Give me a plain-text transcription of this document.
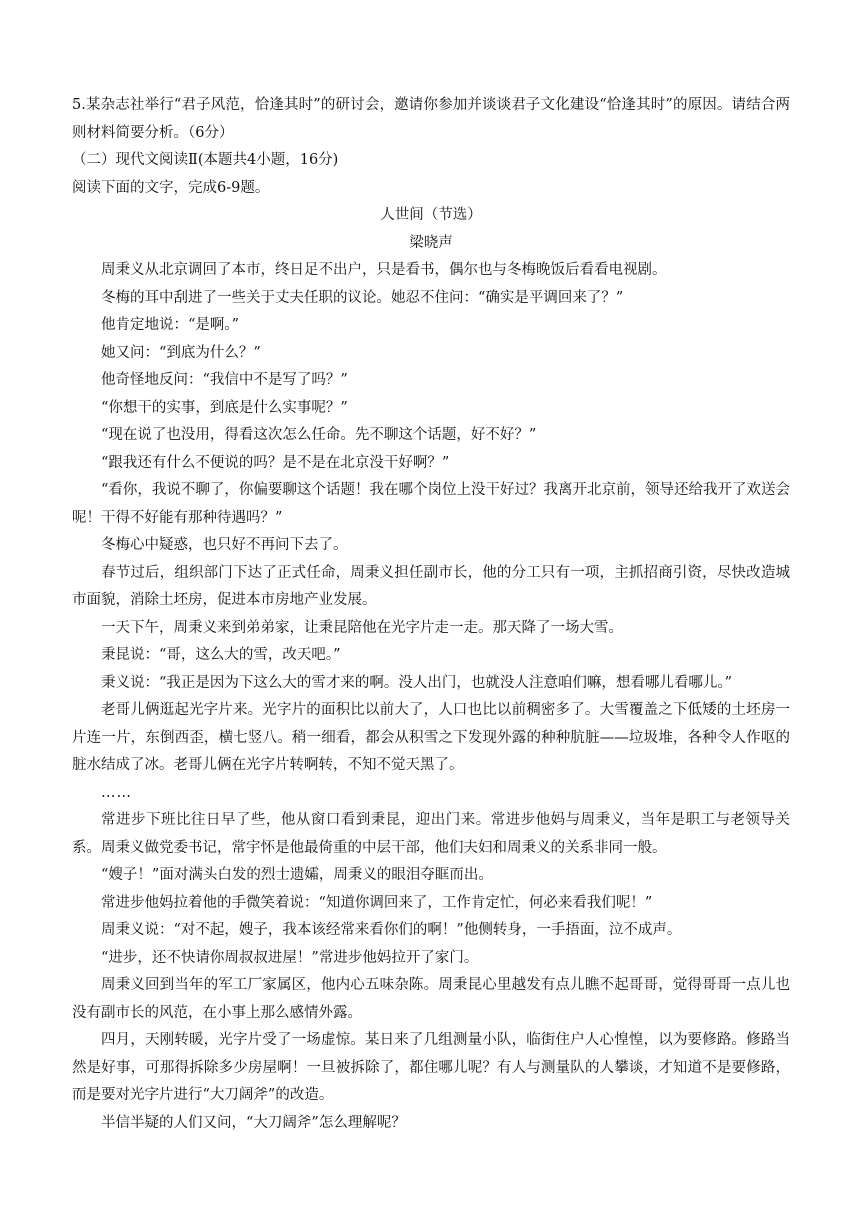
5.某杂志社举行“君子风范，恰逢其时”的研讨会，邀请你参加并谈谈君子文化建设“恰逢其时”的原因。请结合两则材料简要分析。（6分）

（二）现代文阅读Ⅱ(本题共4小题，16分)

阅读下面的文字，完成6-9题。

人世间（节选）

梁晓声

周秉义从北京调回了本市，终日足不出户，只是看书，偶尔也与冬梅晚饭后看看电视剧。

冬梅的耳中刮进了一些关于丈夫任职的议论。她忍不住问：“确实是平调回来了？”

他肯定地说：“是啊。”

她又问：“到底为什么？”

他奇怪地反问：“我信中不是写了吗？”

“你想干的实事，到底是什么实事呢？”

“现在说了也没用，得看这次怎么任命。先不聊这个话题，好不好？”

“跟我还有什么不便说的吗？是不是在北京没干好啊？”

“看你，我说不聊了，你偏要聊这个话题！我在哪个岗位上没干好过？我离开北京前，领导还给我开了欢送会呢！干得不好能有那种待遇吗？”

冬梅心中疑惑，也只好不再问下去了。

春节过后，组织部门下达了正式任命，周秉义担任副市长，他的分工只有一项，主抓招商引资，尽快改造城市面貌，消除土坯房，促进本市房地产业发展。

一天下午，周秉义来到弟弟家，让秉昆陪他在光字片走一走。那天降了一场大雪。

秉昆说：“哥，这么大的雪，改天吧。”

秉义说：“我正是因为下这么大的雪才来的啊。没人出门，也就没人注意咱们嘛，想看哪儿看哪儿。”

老哥儿俩逛起光字片来。光字片的面积比以前大了，人口也比以前稠密多了。大雪覆盖之下低矮的土坯房一片连一片，东倒西歪，横七竖八。稍一细看，都会从积雪之下发现外露的种种肮脏——垃圾堆，各种令人作呕的脏水结成了冰。老哥儿俩在光字片转啊转，不知不觉天黑了。

……

常进步下班比往日早了些，他从窗口看到秉昆，迎出门来。常进步他妈与周秉义，当年是职工与老领导关系。周秉义做党委书记，常宇怀是他最倚重的中层干部，他们夫妇和周秉义的关系非同一般。

“嫂子！”面对满头白发的烈士遗孀，周秉义的眼泪夺眶而出。

常进步他妈拉着他的手微笑着说：“知道你调回来了，工作肯定忙，何必来看我们呢！”

周秉义说：“对不起，嫂子，我本该经常来看你们的啊！”他侧转身，一手捂面，泣不成声。

“进步，还不快请你周叔叔进屋！”常进步他妈拉开了家门。

周秉义回到当年的军工厂家属区，他内心五味杂陈。周秉昆心里越发有点儿瞧不起哥哥，觉得哥哥一点儿也没有副市长的风范，在小事上那么感情外露。

四月，天刚转暖，光字片受了一场虚惊。某日来了几组测量小队，临街住户人心惶惶，以为要修路。修路当然是好事，可那得拆除多少房屋啊！一旦被拆除了，都住哪儿呢？有人与测量队的人攀谈，才知道不是要修路，而是要对光字片进行“大刀阔斧”的改造。

半信半疑的人们又问，“大刀阔斧”怎么理解呢？
